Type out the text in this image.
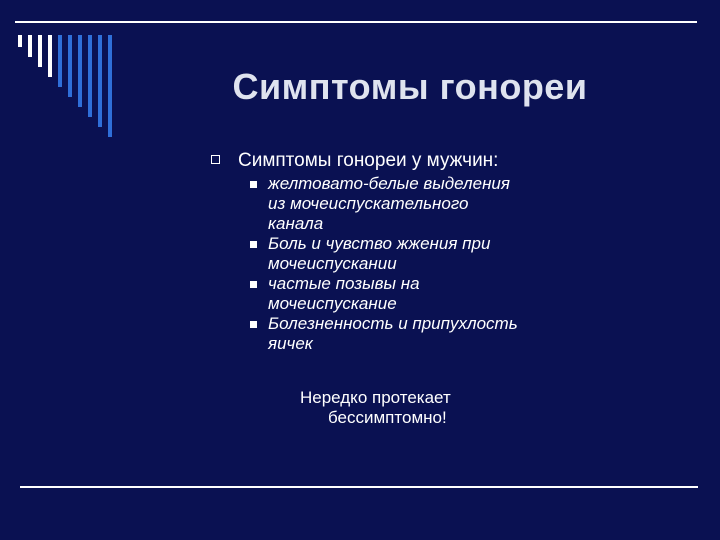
Симптомы гонореи
Симптомы гонореи у мужчин:
желтовато-белые выделения
из мочеиспускательного
канала
Боль и чувство жжения при
мочеиспускании
частые позывы на
мочеиспускание
Болезненность и припухлость
яичек
Нередко протекает
бессимптомно!
